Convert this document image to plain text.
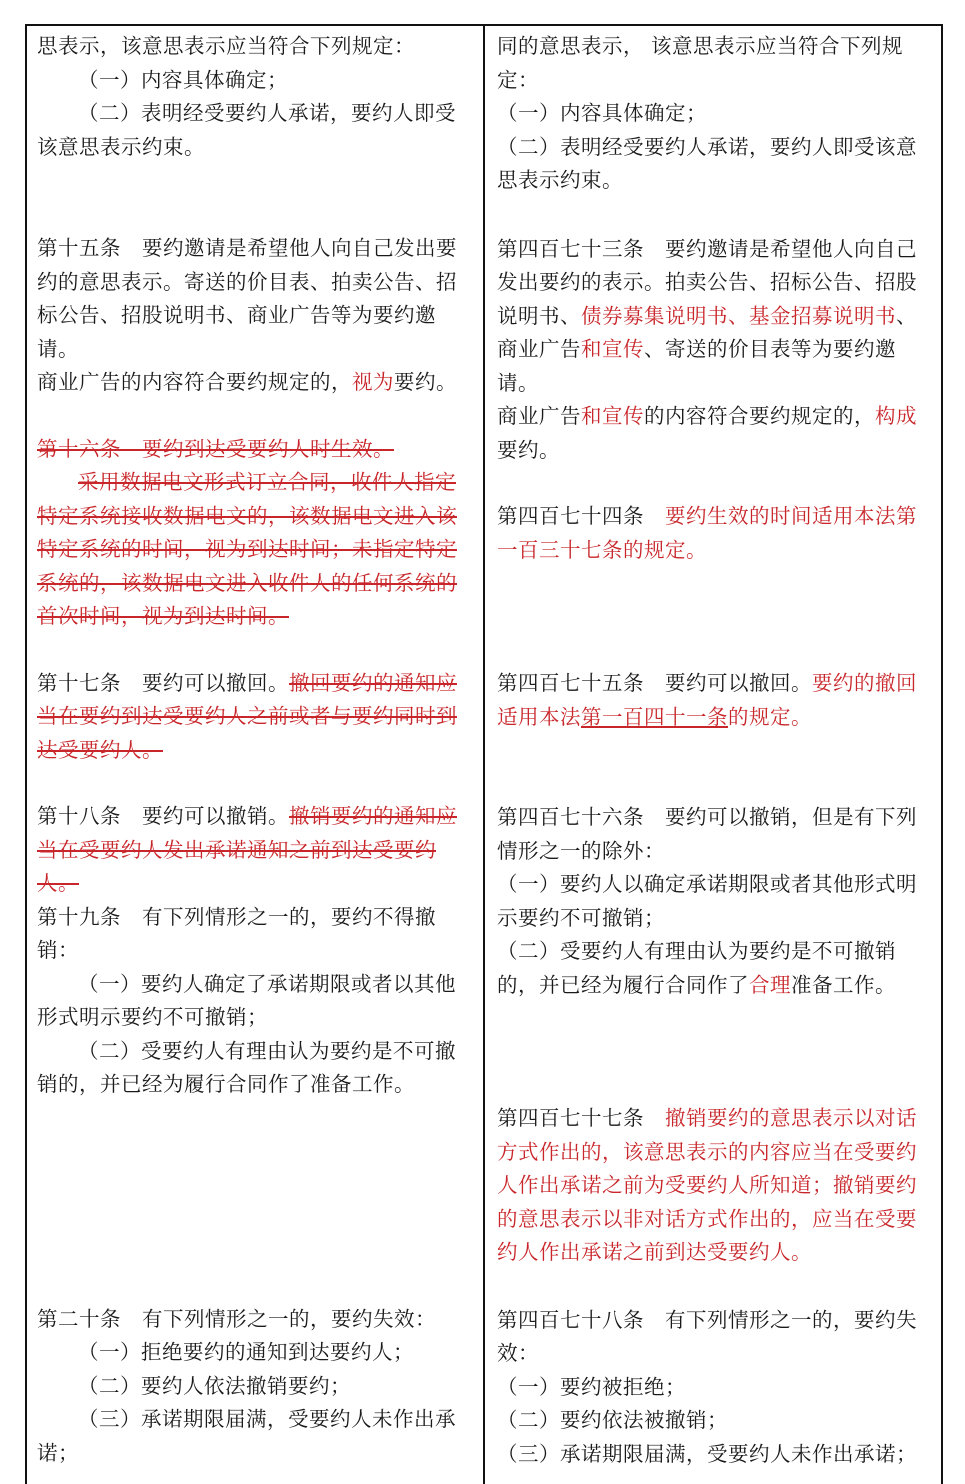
思表示，该意思表示应当符合下列规定：

（一）内容具体确定；

（二）表明经受要约人承诺，要约人即受该意思表示约束。

第十五条　要约邀请是希望他人向自己发出要约的意思表示。寄送的价目表、拍卖公告、招标公告、招股说明书、商业广告等为要约邀请。

商业广告的内容符合要约规定的，视为要约。

第十六条　要约到达受要约人时生效。

采用数据电文形式订立合同，收件人指定特定系统接收数据电文的，该数据电文进入该特定系统的时间，视为到达时间；未指定特定系统的，该数据电文进入收件人的任何系统的首次时间，视为到达时间。

第十七条　要约可以撤回。撤回要约的通知应当在要约到达受要约人之前或者与要约同时到达受要约人。

第十八条　要约可以撤销。撤销要约的通知应当在受要约人发出承诺通知之前到达受要约人。

第十九条　有下列情形之一的，要约不得撤销：

（一）要约人确定了承诺期限或者以其他形式明示要约不可撤销；

（二）受要约人有理由认为要约是不可撤销的，并已经为履行合同作了准备工作。

第二十条　有下列情形之一的，要约失效：

（一）拒绝要约的通知到达要约人；

（二）要约人依法撤销要约；

（三）承诺期限届满，受要约人未作出承诺；

同的意思表示， 该意思表示应当符合下列规定：

（一）内容具体确定；

（二）表明经受要约人承诺，要约人即受该意思表示约束。

第四百七十三条　要约邀请是希望他人向自己发出要约的表示。拍卖公告、招标公告、招股说明书、债券募集说明书、基金招募说明书、商业广告和宣传、寄送的价目表等为要约邀请。

商业广告和宣传的内容符合要约规定的，构成要约。

第四百七十四条　要约生效的时间适用本法第一百三十七条的规定。

第四百七十五条　要约可以撤回。要约的撤回适用本法第一百四十一条的规定。

第四百七十六条　要约可以撤销，但是有下列情形之一的除外：

（一）要约人以确定承诺期限或者其他形式明示要约不可撤销；

（二）受要约人有理由认为要约是不可撤销的，并已经为履行合同作了合理准备工作。

第四百七十七条　撤销要约的意思表示以对话方式作出的，该意思表示的内容应当在受要约人作出承诺之前为受要约人所知道；撤销要约的意思表示以非对话方式作出的，应当在受要约人作出承诺之前到达受要约人。

第四百七十八条　有下列情形之一的，要约失效：

（一）要约被拒绝；

（二）要约依法被撤销；

（三）承诺期限届满，受要约人未作出承诺；
